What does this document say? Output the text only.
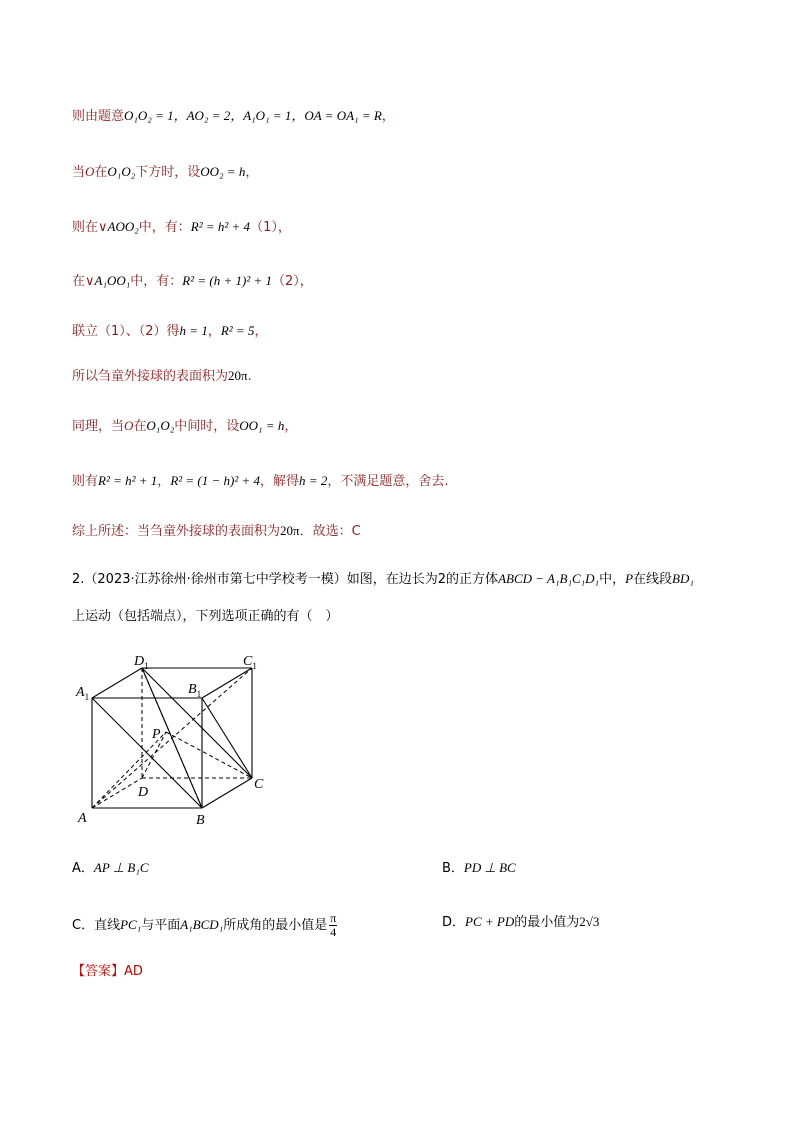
则由题意O₁O₂ = 1，AO₂ = 2，A₁O₁ = 1，OA = OA₁ = R，
当O在O₁O₂下方时，设OO₂ = h，
则在∨AOO₂中，有：R² = h² + 4（1），
在∨A₁OO₁中，有：R² = (h + 1)² + 1（2），
联立（1）、（2）得h = 1，R² = 5，
所以刍童外接球的表面积为20π.
同理，当O在O₁O₂中间时，设OO₁ = h，
则有R² = h² + 1，R² = (1 − h)² + 4，解得h = 2，不满足题意，舍去.
综上所述：当刍童外接球的表面积为20π．故选：C
2.（2023·江苏徐州·徐州市第七中学校考一模）如图，在边长为2的正方体ABCD − A₁B₁C₁D₁中，P在线段BD₁
上运动（包括端点），下列选项正确的有（　）
$A_1$	$B_1$
$D_1$	$C_1$
P
D
C
A	B
A．AP ⊥ B₁C	B．PD ⊥ BC
C．直线PC₁与平面A₁BCD₁所成角的最小值是 $\frac{\pi}{4}$	D．PC + PD的最小值为2√3
【答案】AD
